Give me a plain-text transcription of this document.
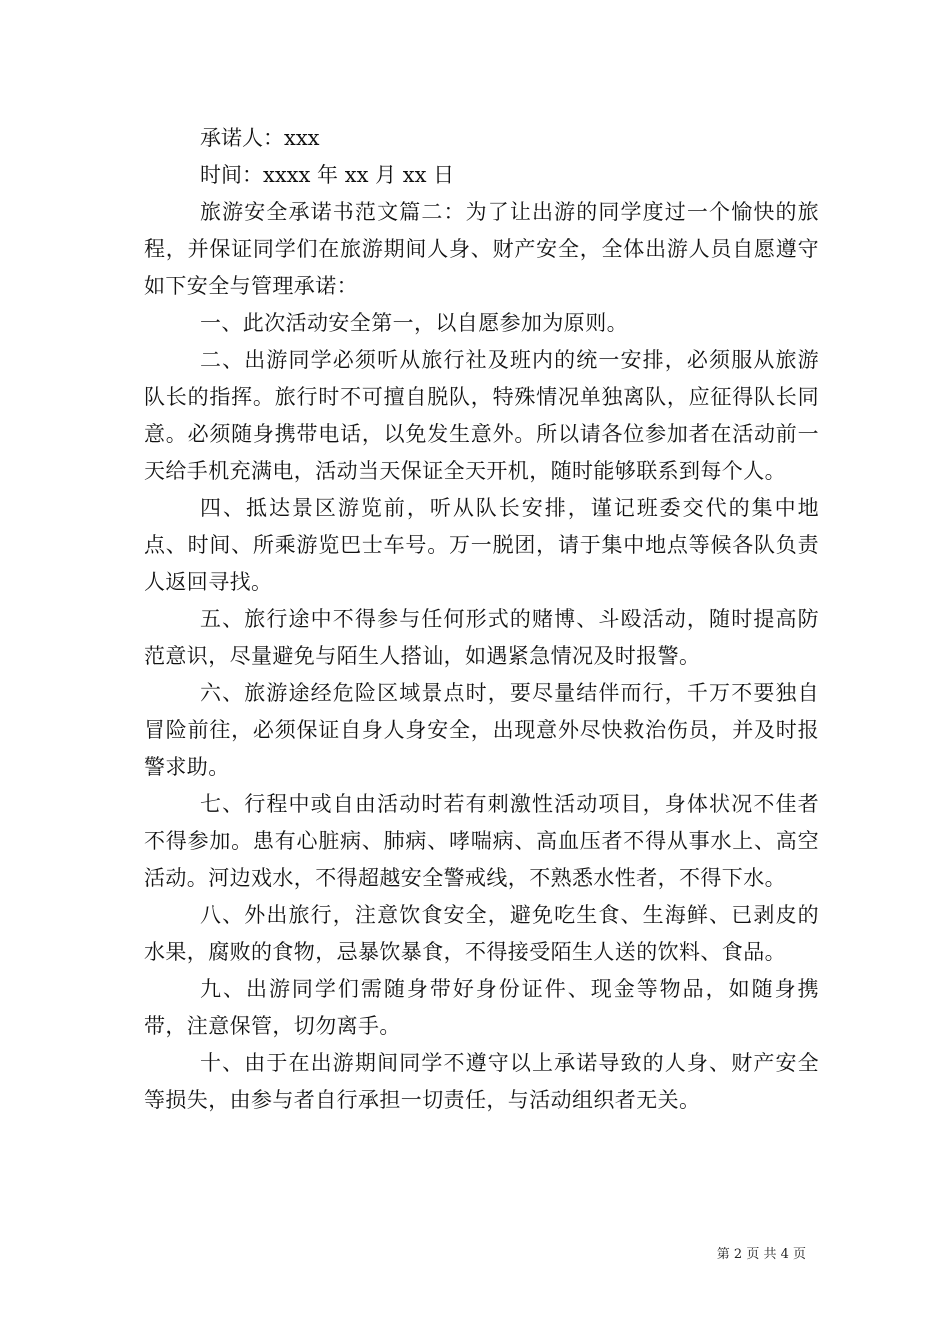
承诺人：xxx
时间：xxxx 年 xx 月 xx 日

旅游安全承诺书范文篇二：为了让出游的同学度过一个愉快的旅程，并保证同学们在旅游期间人身、财产安全，全体出游人员自愿遵守如下安全与管理承诺：

一、此次活动安全第一，以自愿参加为原则。

二、出游同学必须听从旅行社及班内的统一安排，必须服从旅游队长的指挥。旅行时不可擅自脱队，特殊情况单独离队，应征得队长同意。必须随身携带电话，以免发生意外。所以请各位参加者在活动前一天给手机充满电，活动当天保证全天开机，随时能够联系到每个人。

四、抵达景区游览前，听从队长安排，谨记班委交代的集中地点、时间、所乘游览巴士车号。万一脱团，请于集中地点等候各队负责人返回寻找。

五、旅行途中不得参与任何形式的赌博、斗殴活动，随时提高防范意识，尽量避免与陌生人搭讪，如遇紧急情况及时报警。

六、旅游途经危险区域景点时，要尽量结伴而行，千万不要独自冒险前往，必须保证自身人身安全，出现意外尽快救治伤员，并及时报警求助。

七、行程中或自由活动时若有刺激性活动项目，身体状况不佳者不得参加。患有心脏病、肺病、哮喘病、高血压者不得从事水上、高空活动。河边戏水，不得超越安全警戒线，不熟悉水性者，不得下水。

八、外出旅行，注意饮食安全，避免吃生食、生海鲜、已剥皮的水果，腐败的食物，忌暴饮暴食，不得接受陌生人送的饮料、食品。

九、出游同学们需随身带好身份证件、现金等物品，如随身携带，注意保管，切勿离手。

十、由于在出游期间同学不遵守以上承诺导致的人身、财产安全等损失，由参与者自行承担一切责任，与活动组织者无关。

第 2 页 共 4 页
